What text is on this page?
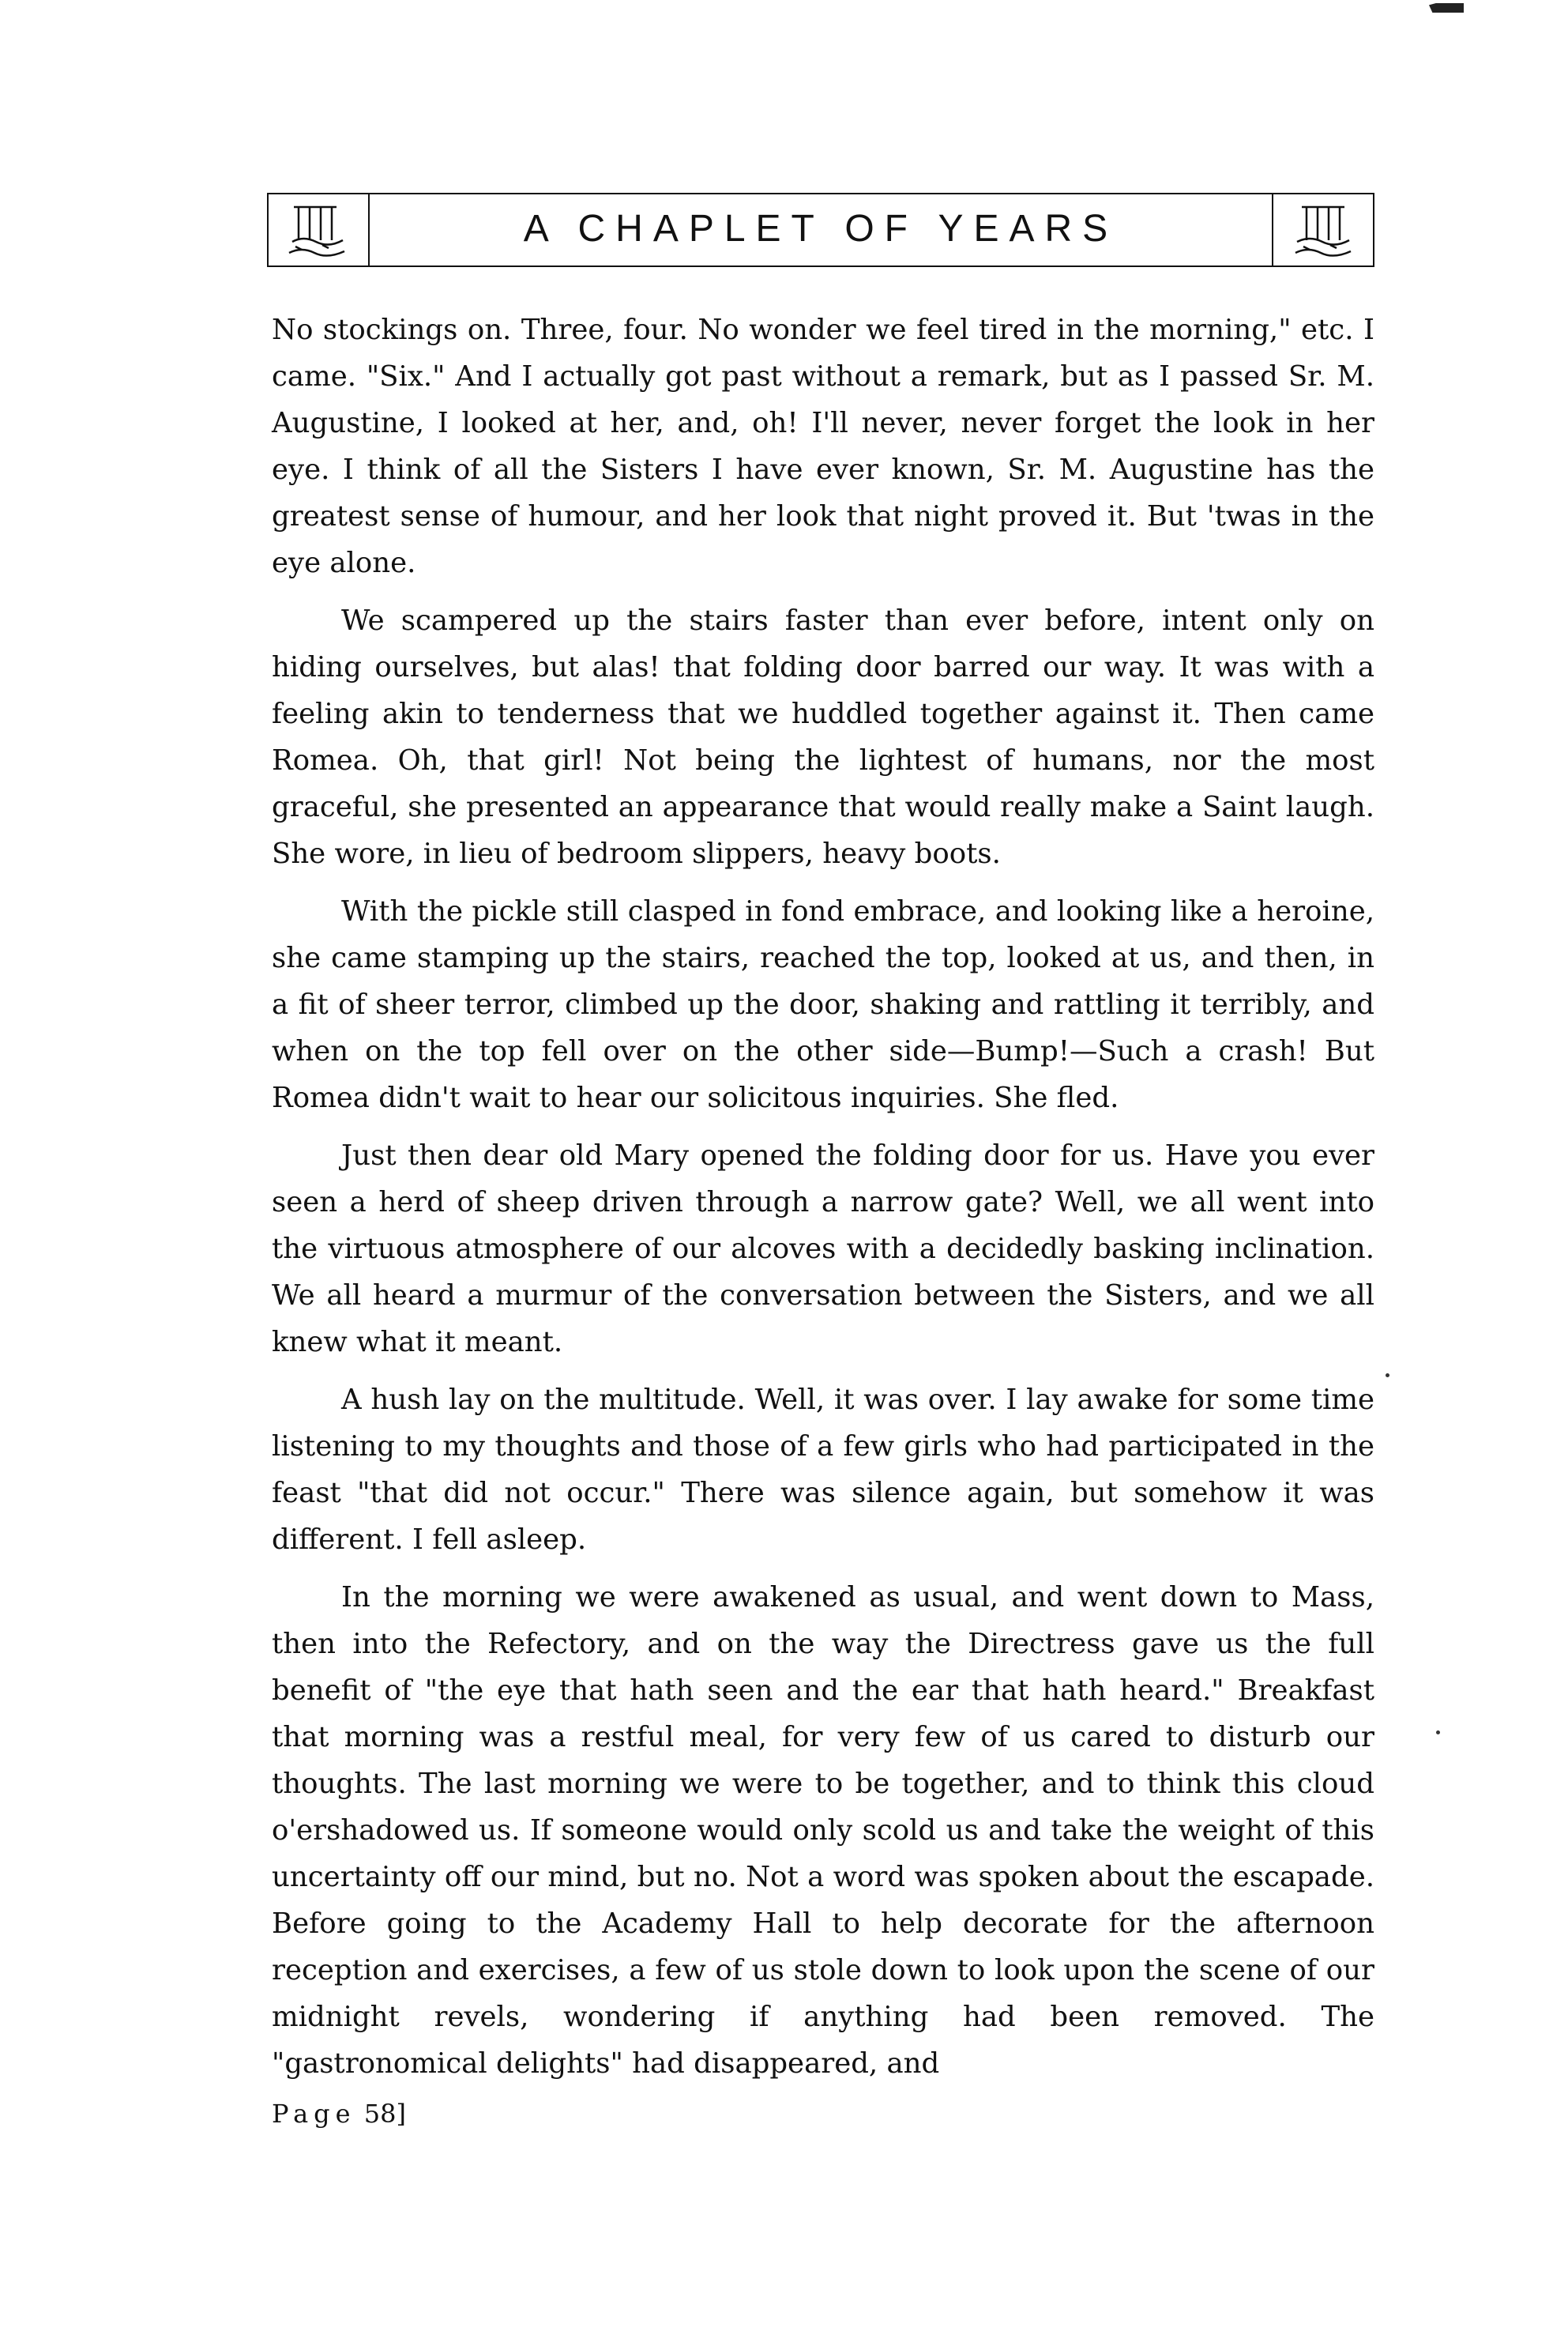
A CHAPLET OF YEARS

No stockings on. Three, four. No wonder we feel tired in the morning," etc. I came. "Six." And I actually got past without a remark, but as I passed Sr. M. Augustine, I looked at her, and, oh! I'll never, never forget the look in her eye. I think of all the Sisters I have ever known, Sr. M. Augustine has the greatest sense of humour, and her look that night proved it. But 'twas in the eye alone.

We scampered up the stairs faster than ever before, intent only on hiding ourselves, but alas! that folding door barred our way. It was with a feeling akin to tenderness that we huddled together against it. Then came Romea. Oh, that girl! Not being the lightest of humans, nor the most graceful, she presented an appearance that would really make a Saint laugh. She wore, in lieu of bedroom slippers, heavy boots.

With the pickle still clasped in fond embrace, and looking like a heroine, she came stamping up the stairs, reached the top, looked at us, and then, in a fit of sheer terror, climbed up the door, shaking and rattling it terribly, and when on the top fell over on the other side—Bump!—Such a crash! But Romea didn't wait to hear our solicitous inquiries. She fled.

Just then dear old Mary opened the folding door for us. Have you ever seen a herd of sheep driven through a narrow gate? Well, we all went into the virtuous atmosphere of our alcoves with a decidedly basking inclination. We all heard a murmur of the conversation between the Sisters, and we all knew what it meant.

A hush lay on the multitude. Well, it was over. I lay awake for some time listening to my thoughts and those of a few girls who had participated in the feast "that did not occur." There was silence again, but somehow it was different. I fell asleep.

In the morning we were awakened as usual, and went down to Mass, then into the Refectory, and on the way the Directress gave us the full benefit of "the eye that hath seen and the ear that hath heard." Breakfast that morning was a restful meal, for very few of us cared to disturb our thoughts. The last morning we were to be together, and to think this cloud o'ershadowed us. If someone would only scold us and take the weight of this uncertainty off our mind, but no. Not a word was spoken about the escapade. Before going to the Academy Hall to help decorate for the afternoon reception and exercises, a few of us stole down to look upon the scene of our midnight revels, wondering if anything had been removed. The "gastronomical delights" had disappeared, and

Page 58]
